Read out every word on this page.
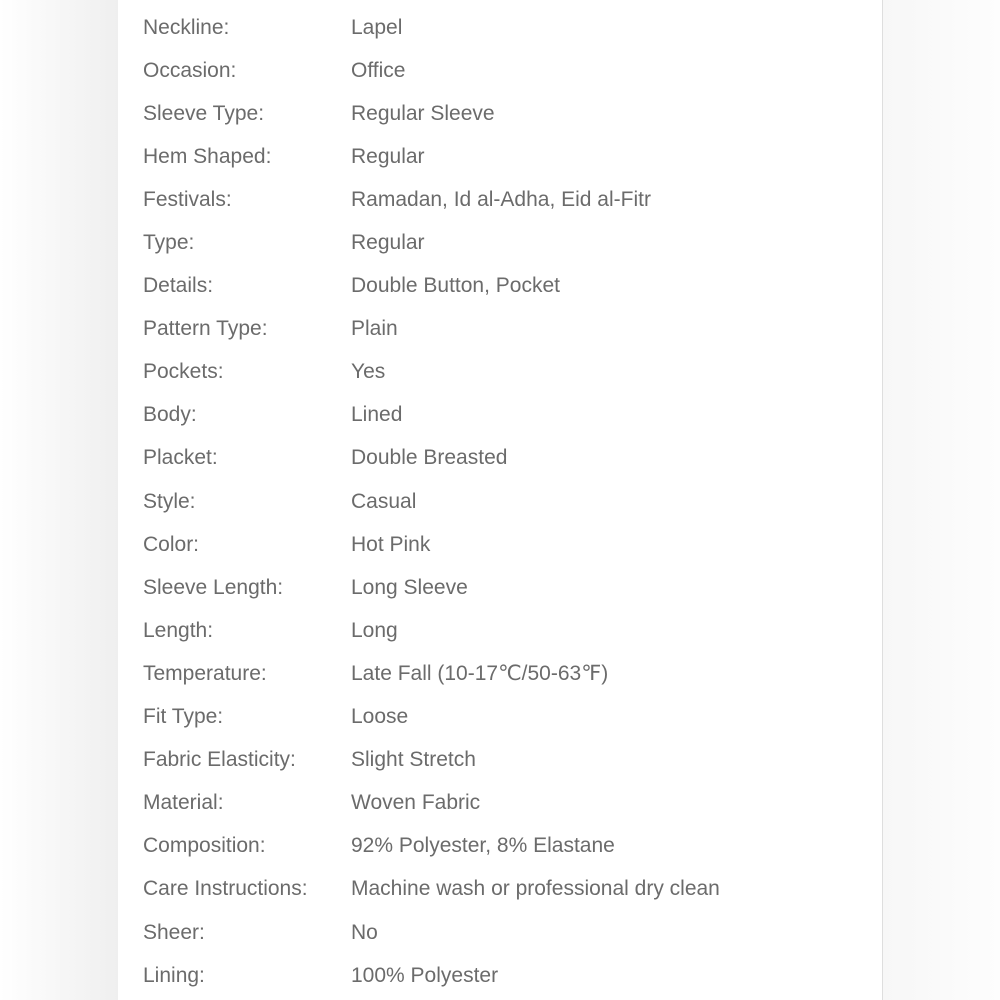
Neckline:	Lapel
Occasion:	Office
Sleeve Type:	Regular Sleeve
Hem Shaped:	Regular
Festivals:	Ramadan, Id al-Adha, Eid al-Fitr
Type:	Regular
Details:	Double Button, Pocket
Pattern Type:	Plain
Pockets:	Yes
Body:	Lined
Placket:	Double Breasted
Style:	Casual
Color:	Hot Pink
Sleeve Length:	Long Sleeve
Length:	Long
Temperature:	Late Fall (10-17℃/50-63℉)
Fit Type:	Loose
Fabric Elasticity:	Slight Stretch
Material:	Woven Fabric
Composition:	92% Polyester, 8% Elastane
Care Instructions:	Machine wash or professional dry clean
Sheer:	No
Lining:	100% Polyester
